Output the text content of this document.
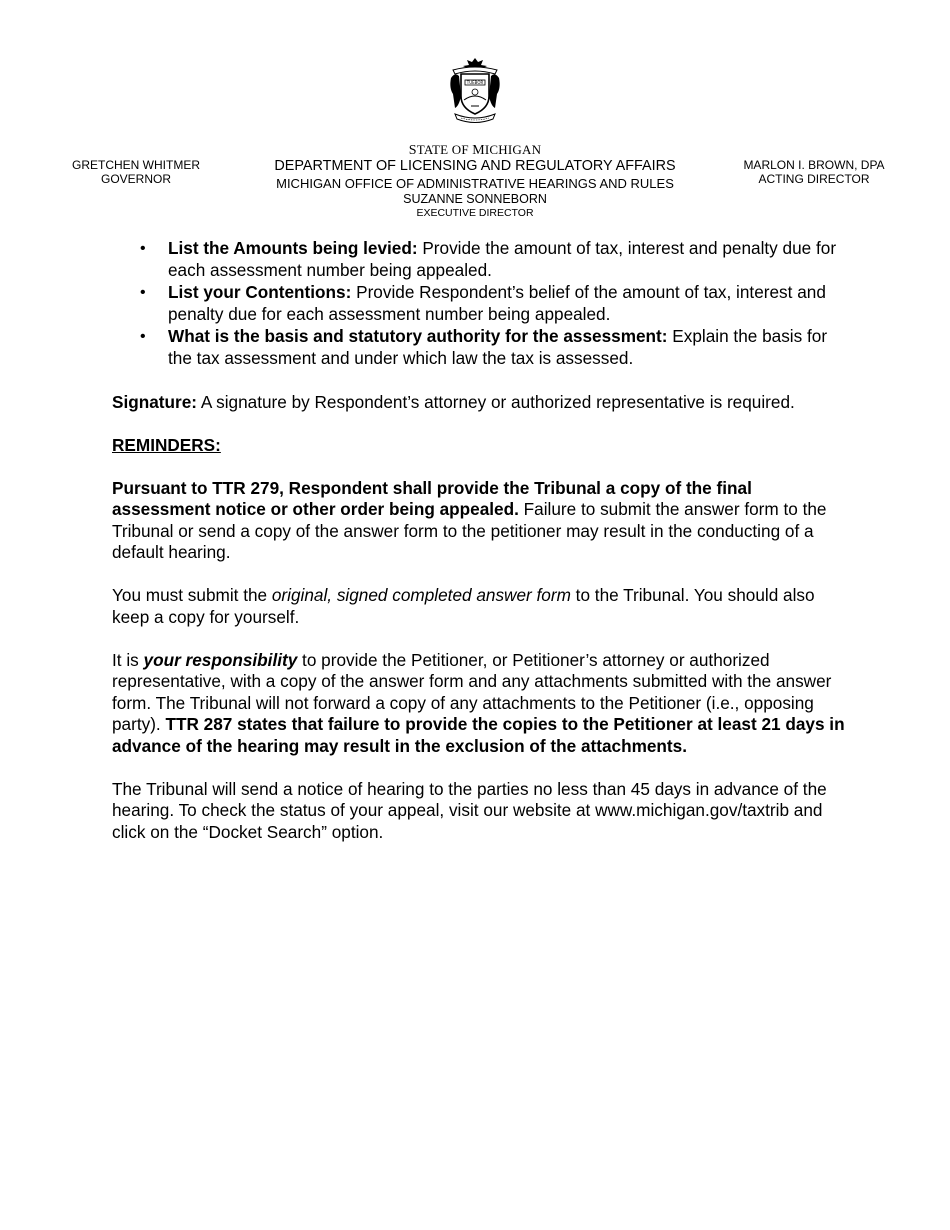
TUEBOR
STATE OF MICHIGAN
DEPARTMENT OF LICENSING AND REGULATORY AFFAIRS
MICHIGAN OFFICE OF ADMINISTRATIVE HEARINGS AND RULES
SUZANNE SONNEBORN
EXECUTIVE DIRECTOR
GRETCHEN WHITMER
GOVERNOR
MARLON I. BROWN, DPA
ACTING DIRECTOR
• List the Amounts being levied: Provide the amount of tax, interest and penalty due for each assessment number being appealed.
• List your Contentions: Provide Respondent’s belief of the amount of tax, interest and penalty due for each assessment number being appealed.
• What is the basis and statutory authority for the assessment: Explain the basis for the tax assessment and under which law the tax is assessed.

Signature: A signature by Respondent’s attorney or authorized representative is required.

REMINDERS:

Pursuant to TTR 279, Respondent shall provide the Tribunal a copy of the final assessment notice or other order being appealed. Failure to submit the answer form to the Tribunal or send a copy of the answer form to the petitioner may result in the conducting of a default hearing.

You must submit the original, signed completed answer form to the Tribunal. You should also keep a copy for yourself.

It is your responsibility to provide the Petitioner, or Petitioner’s attorney or authorized representative, with a copy of the answer form and any attachments submitted with the answer form. The Tribunal will not forward a copy of any attachments to the Petitioner (i.e., opposing party). TTR 287 states that failure to provide the copies to the Petitioner at least 21 days in advance of the hearing may result in the exclusion of the attachments.

The Tribunal will send a notice of hearing to the parties no less than 45 days in advance of the hearing. To check the status of your appeal, visit our website at www.michigan.gov/taxtrib and click on the “Docket Search” option.
